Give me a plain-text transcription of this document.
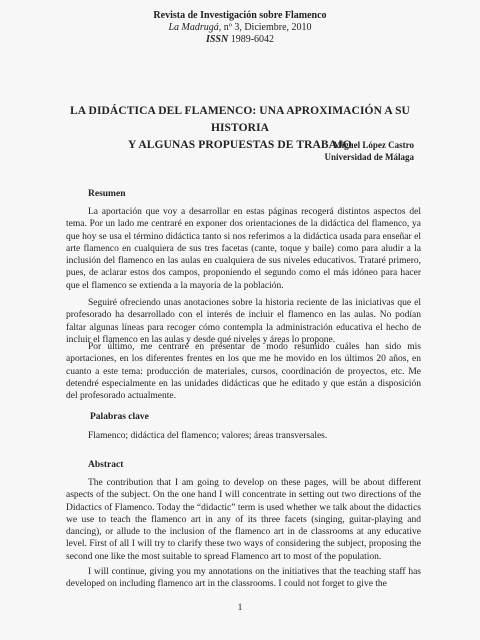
Revista de Investigación sobre Flamenco
La Madrugá, nº 3, Diciembre, 2010
ISSN 1989-6042
LA DIDÁCTICA DEL FLAMENCO: UNA APROXIMACIÓN A SU HISTORIA
Y ALGUNAS PROPUESTAS DE TRABAJO
Miguel López Castro
Universidad de Málaga
Resumen
La aportación que voy a desarrollar en estas páginas recogerá distintos aspectos del tema. Por un lado me centraré en exponer dos orientaciones de la didáctica del flamenco, ya que hoy se usa el término didáctica tanto si nos referimos a la didáctica usada para enseñar el arte flamenco en cualquiera de sus tres facetas (cante, toque y baile) como para aludir a la inclusión del flamenco en las aulas en cualquiera de sus niveles educativos. Trataré primero, pues, de aclarar estos dos campos, proponiendo el segundo como el más idóneo para hacer que el flamenco se extienda a la mayoría de la población.
Seguiré ofreciendo unas anotaciones sobre la historia reciente de las iniciativas que el profesorado ha desarrollado con el interés de incluir el flamenco en las aulas. No podían faltar algunas líneas para recoger cómo contempla la administración educativa el hecho de incluir el flamenco en las aulas y desde qué niveles y áreas lo propone.
Por último, me centraré en presentar de modo resumido cuáles han sido mis aportaciones, en los diferentes frentes en los que me he movido en los últimos 20 años, en cuanto a este tema: producción de materiales, cursos, coordinación de proyectos, etc. Me detendré especialmente en las unidades didácticas que he editado y que están a disposición del profesorado actualmente.
Palabras clave
Flamenco; didáctica del flamenco; valores; áreas transversales.
Abstract
The contribution that I am going to develop on these pages, will be about different aspects of the subject. On the one hand I will concentrate in setting out two directions of the Didactics of Flamenco. Today the “didactic” term is used whether we talk about the didactics we use to teach the flamenco art in any of its three facets (singing, guitar-playing and dancing), or allude to the inclusion of the flamenco art in de classrooms at any educative level. First of all I will try to clarify these two ways of considering the subject, proposing the second one like the most suitable to spread Flamenco art to most of the population.
I will continue, giving you my annotations on the initiatives that the teaching staff has developed on including flamenco art in the classrooms. I could not forget to give the
1
